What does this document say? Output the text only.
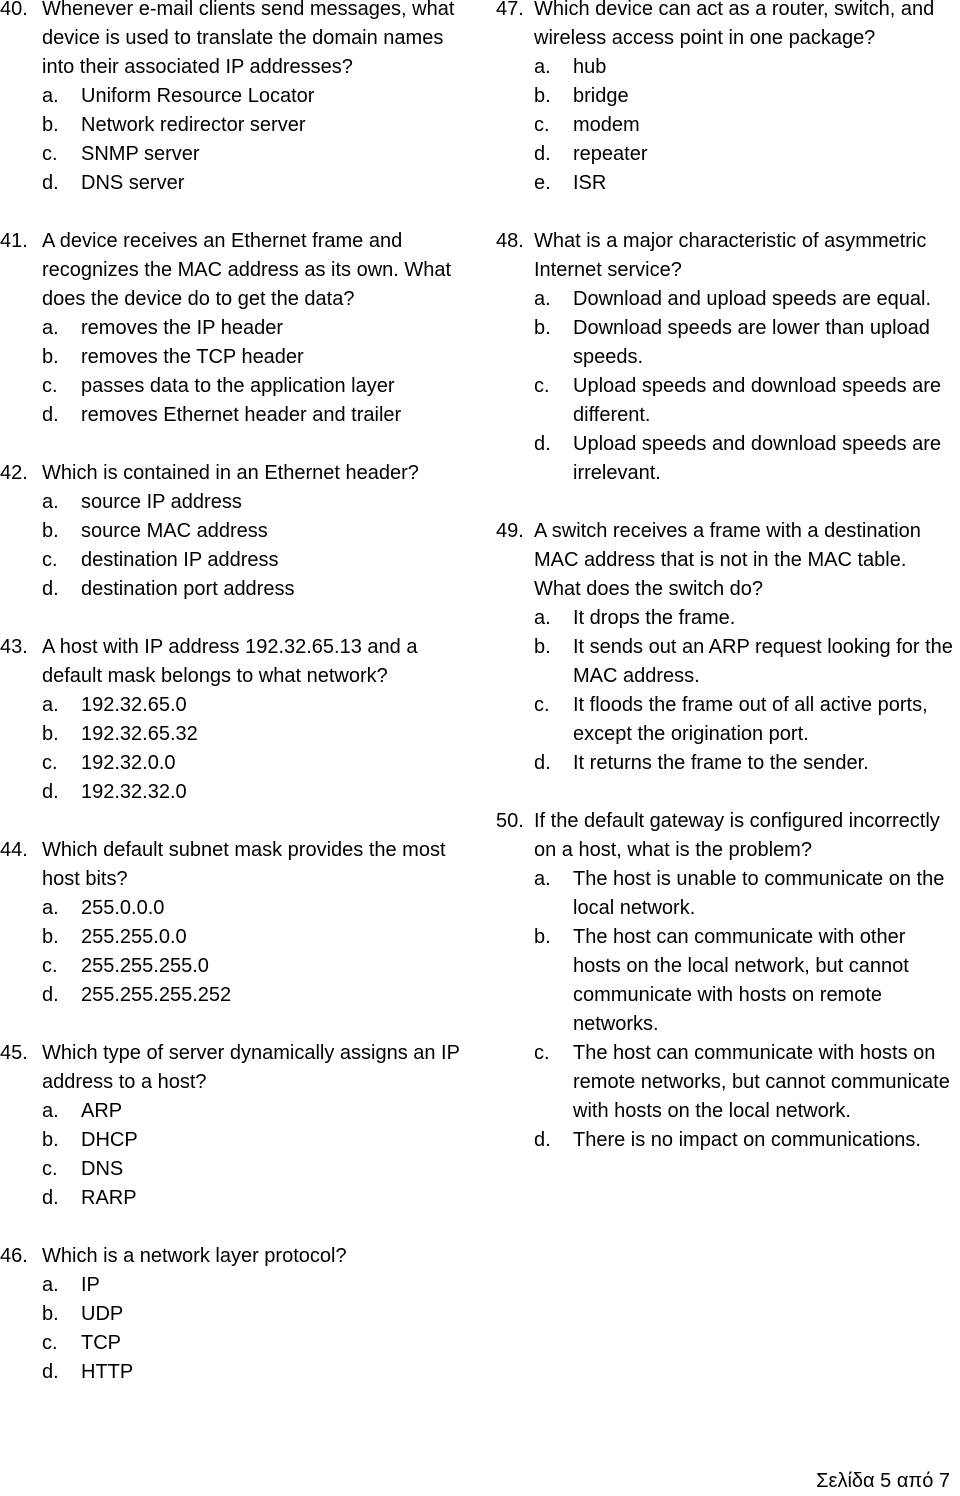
40. Whenever e-mail clients send messages, what device is used to translate the domain names into their associated IP addresses?
a.	Uniform Resource Locator
b.	Network redirector server
c.	SNMP server
d.	DNS server
41. A device receives an Ethernet frame and recognizes the MAC address as its own. What does the device do to get the data?
a.	removes the IP header
b.	removes the TCP header
c.	passes data to the application layer
d.	removes Ethernet header and trailer
42. Which is contained in an Ethernet header?
a.	source IP address
b.	source MAC address
c.	destination IP address
d.	destination port address
43. A host with IP address 192.32.65.13 and a default mask belongs to what network?
a.	192.32.65.0
b.	192.32.65.32
c.	192.32.0.0
d.	192.32.32.0
44. Which default subnet mask provides the most host bits?
a.	255.0.0.0
b.	255.255.0.0
c.	255.255.255.0
d.	255.255.255.252
45. Which type of server dynamically assigns an IP address to a host?
a.	ARP
b.	DHCP
c.	DNS
d.	RARP
46. Which is a network layer protocol?
a.	IP
b.	UDP
c.	TCP
d.	HTTP
47. Which device can act as a router, switch, and wireless access point in one package?
a.	hub
b.	bridge
c.	modem
d.	repeater
e.	ISR
48. What is a major characteristic of asymmetric Internet service?
a.	Download and upload speeds are equal.
b.	Download speeds are lower than upload speeds.
c.	Upload speeds and download speeds are different.
d.	Upload speeds and download speeds are irrelevant.
49. A switch receives a frame with a destination MAC address that is not in the MAC table. What does the switch do?
a.	It drops the frame.
b.	It sends out an ARP request looking for the MAC address.
c.	It floods the frame out of all active ports, except the origination port.
d.	It returns the frame to the sender.
50. If the default gateway is configured incorrectly on a host, what is the problem?
a.	The host is unable to communicate on the local network.
b.	The host can communicate with other hosts on the local network, but cannot communicate with hosts on remote networks.
c.	The host can communicate with hosts on remote networks, but cannot communicate with hosts on the local network.
d.	There is no impact on communications.
Σελίδα 5 από 7
